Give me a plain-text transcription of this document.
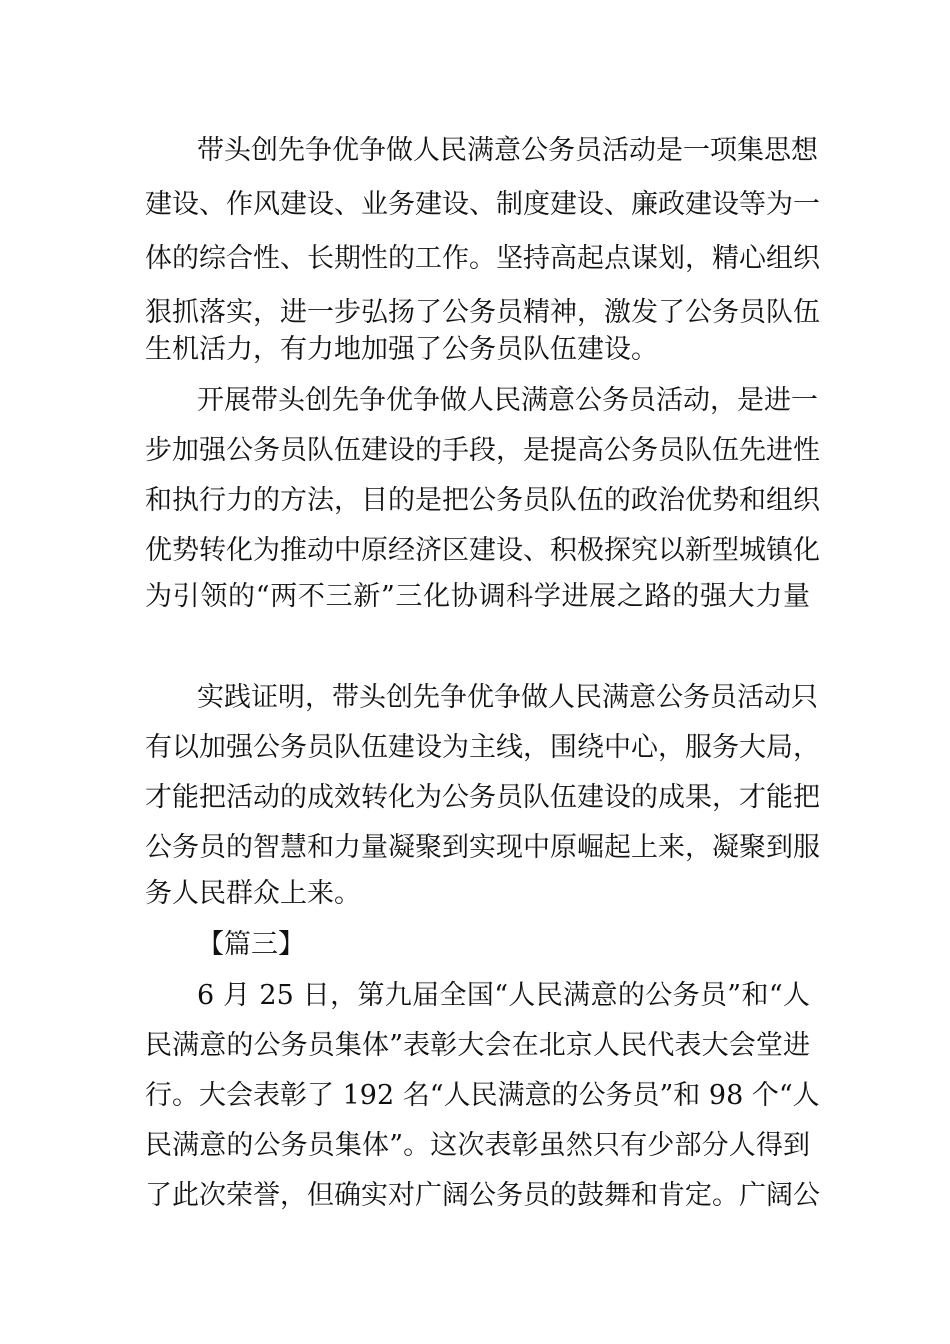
带头创先争优争做人民满意公务员活动是一项集思想
建设、作风建设、业务建设、制度建设、廉政建设等为一
体的综合性、长期性的工作。坚持高起点谋划，精心组织
狠抓落实，进一步弘扬了公务员精神，激发了公务员队伍
生机活力，有力地加强了公务员队伍建设。
开展带头创先争优争做人民满意公务员活动，是进一
步加强公务员队伍建设的手段，是提高公务员队伍先进性
和执行力的方法，目的是把公务员队伍的政治优势和组织
优势转化为推动中原经济区建设、积极探究以新型城镇化
为引领的“两不三新”三化协调科学进展之路的强大力量
实践证明，带头创先争优争做人民满意公务员活动只
有以加强公务员队伍建设为主线，围绕中心，服务大局，
才能把活动的成效转化为公务员队伍建设的成果，才能把
公务员的智慧和力量凝聚到实现中原崛起上来，凝聚到服
务人民群众上来。
【篇三】
6 月 25 日，第九届全国“人民满意的公务员”和“人
民满意的公务员集体”表彰大会在北京人民代表大会堂进
行。大会表彰了 192 名“人民满意的公务员”和 98 个“人
民满意的公务员集体”。这次表彰虽然只有少部分人得到
了此次荣誉，但确实对广阔公务员的鼓舞和肯定。广阔公
